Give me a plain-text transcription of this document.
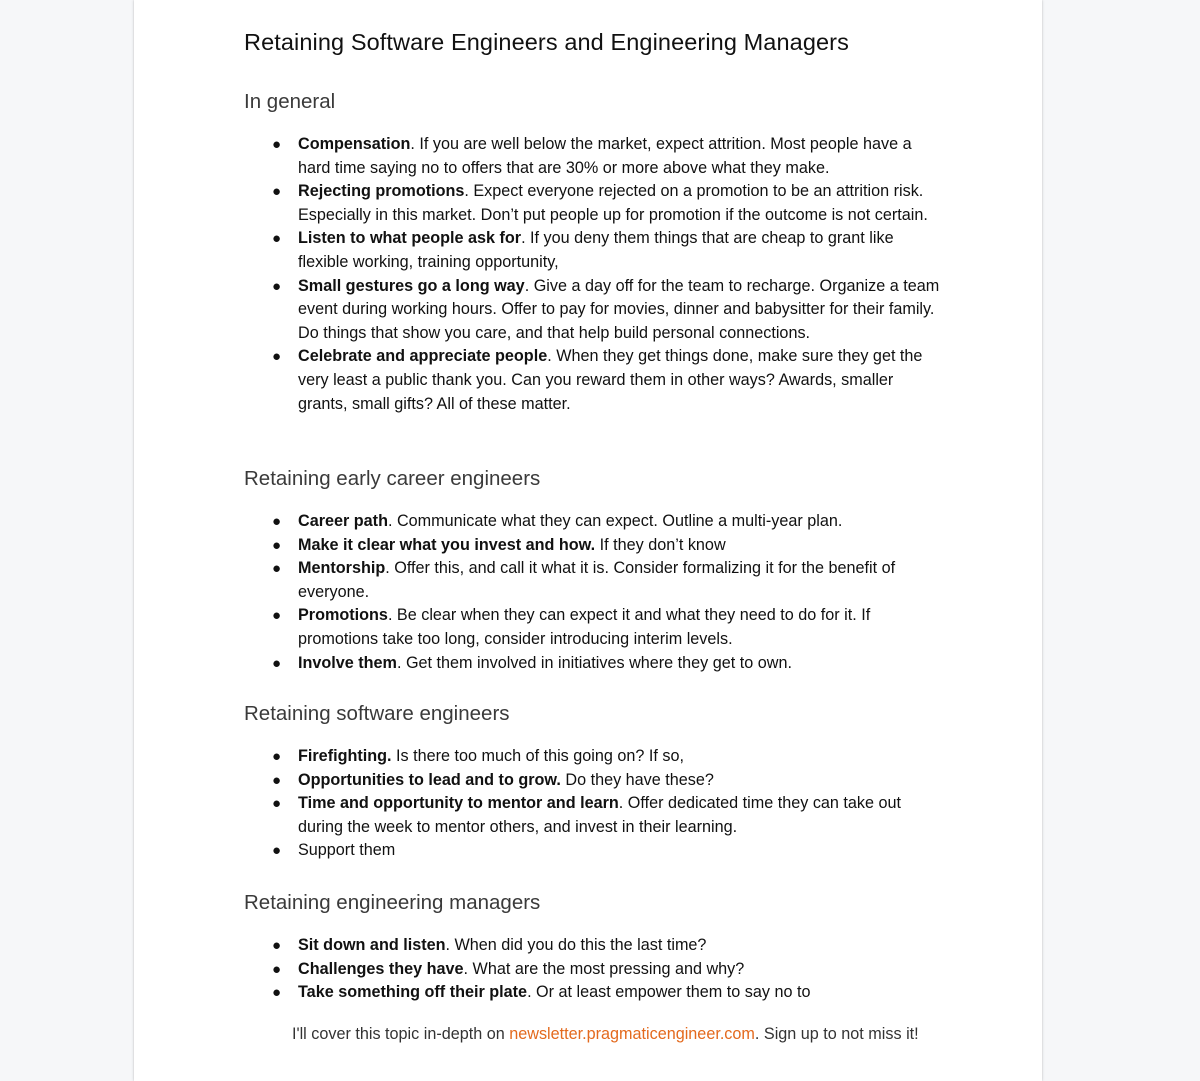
Retaining Software Engineers and Engineering Managers
In general
● Compensation. If you are well below the market, expect attrition. Most people have a hard time saying no to offers that are 30% or more above what they make.
● Rejecting promotions. Expect everyone rejected on a promotion to be an attrition risk. Especially in this market. Don’t put people up for promotion if the outcome is not certain.
● Listen to what people ask for. If you deny them things that are cheap to grant like flexible working, training opportunity,
● Small gestures go a long way. Give a day off for the team to recharge. Organize a team event during working hours. Offer to pay for movies, dinner and babysitter for their family. Do things that show you care, and that help build personal connections.
● Celebrate and appreciate people. When they get things done, make sure they get the very least a public thank you. Can you reward them in other ways? Awards, smaller grants, small gifts? All of these matter.
Retaining early career engineers
● Career path. Communicate what they can expect. Outline a multi-year plan.
● Make it clear what you invest and how. If they don’t know
● Mentorship. Offer this, and call it what it is. Consider formalizing it for the benefit of everyone.
● Promotions. Be clear when they can expect it and what they need to do for it. If promotions take too long, consider introducing interim levels.
● Involve them. Get them involved in initiatives where they get to own.
Retaining software engineers
● Firefighting. Is there too much of this going on? If so,
● Opportunities to lead and to grow. Do they have these?
● Time and opportunity to mentor and learn. Offer dedicated time they can take out during the week to mentor others, and invest in their learning.
● Support them
Retaining engineering managers
● Sit down and listen. When did you do this the last time?
● Challenges they have. What are the most pressing and why?
● Take something off their plate. Or at least empower them to say no to

I'll cover this topic in-depth on newsletter.pragmaticengineer.com. Sign up to not miss it!
